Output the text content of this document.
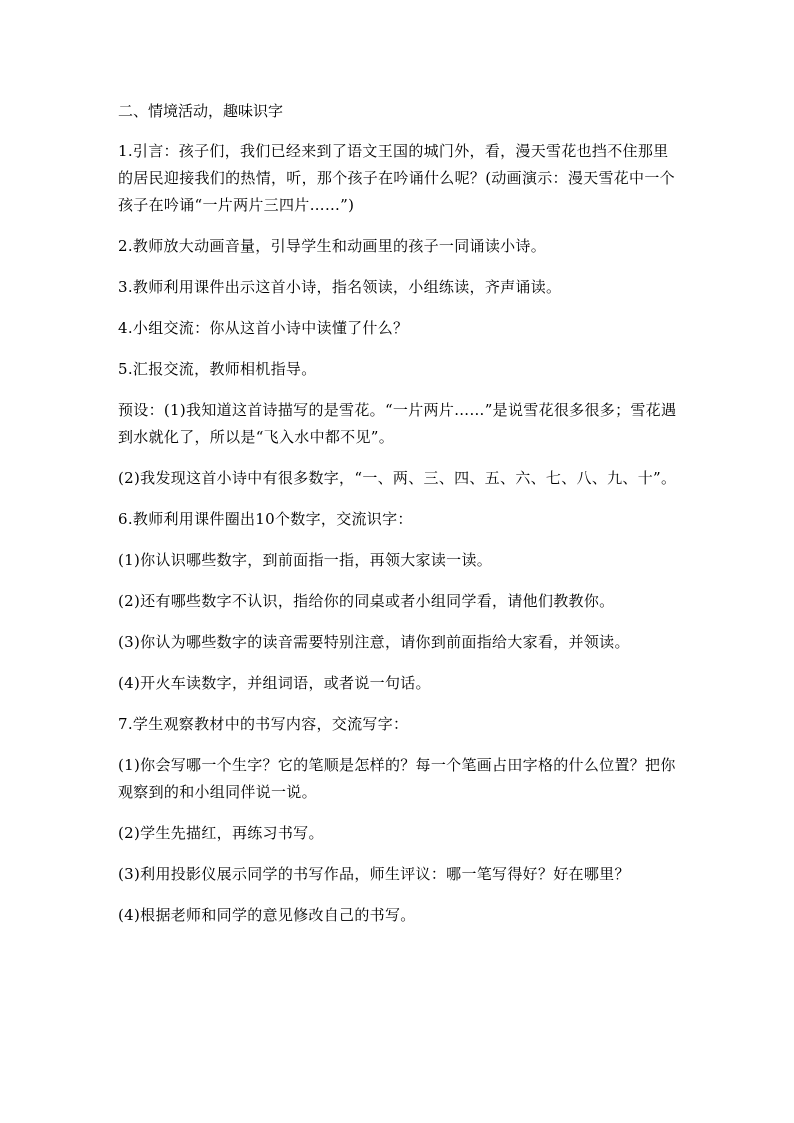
二、情境活动，趣味识字

1.引言：孩子们，我们已经来到了语文王国的城门外，看，漫天雪花也挡不住那里的居民迎接我们的热情，听，那个孩子在吟诵什么呢？(动画演示：漫天雪花中一个孩子在吟诵“一片两片三四片……”)

2.教师放大动画音量，引导学生和动画里的孩子一同诵读小诗。

3.教师利用课件出示这首小诗，指名领读，小组练读，齐声诵读。

4.小组交流：你从这首小诗中读懂了什么？

5.汇报交流，教师相机指导。

预设：(1)我知道这首诗描写的是雪花。“一片两片……”是说雪花很多很多；雪花遇到水就化了，所以是“飞入水中都不见”。

(2)我发现这首小诗中有很多数字，“一、两、三、四、五、六、七、八、九、十”。

6.教师利用课件圈出10个数字，交流识字：

(1)你认识哪些数字，到前面指一指，再领大家读一读。

(2)还有哪些数字不认识，指给你的同桌或者小组同学看，请他们教教你。

(3)你认为哪些数字的读音需要特别注意，请你到前面指给大家看，并领读。

(4)开火车读数字，并组词语，或者说一句话。

7.学生观察教材中的书写内容，交流写字：

(1)你会写哪一个生字？它的笔顺是怎样的？每一个笔画占田字格的什么位置？把你观察到的和小组同伴说一说。

(2)学生先描红，再练习书写。

(3)利用投影仪展示同学的书写作品，师生评议：哪一笔写得好？好在哪里？

(4)根据老师和同学的意见修改自己的书写。
